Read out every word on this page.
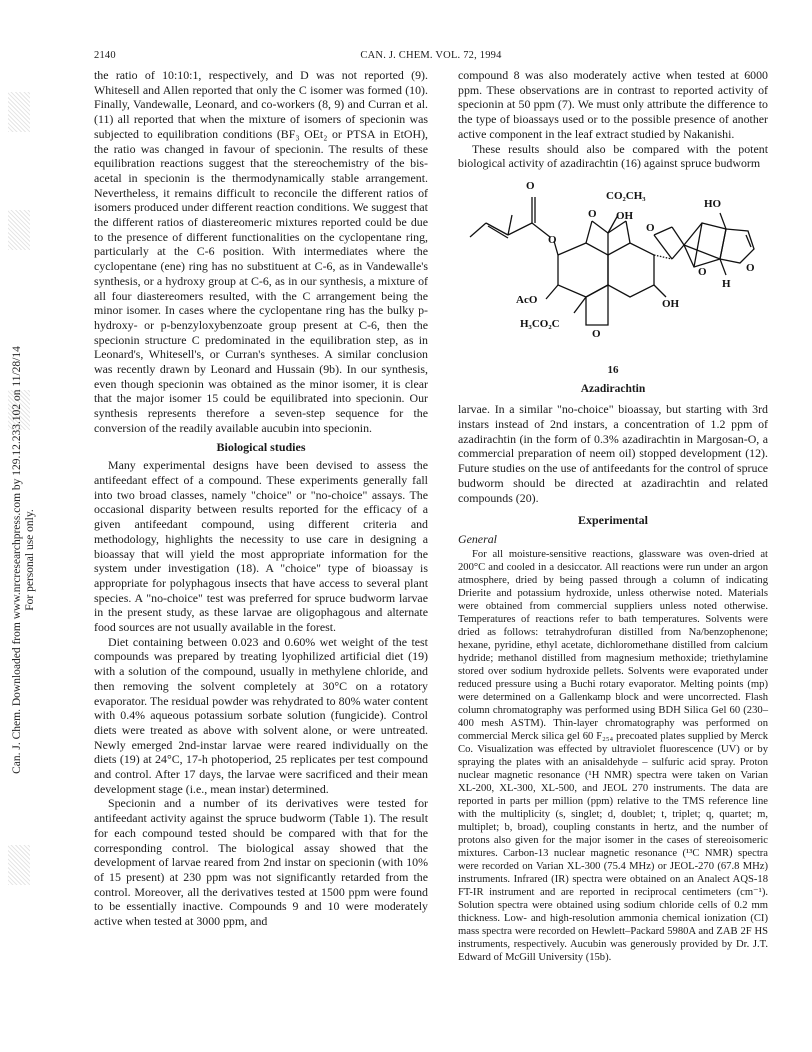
2140	CAN. J. CHEM. VOL. 72, 1994
Can. J. Chem. Downloaded from www.nrcresearchpress.com by 129.12.233.102 on 11/28/14 For personal use only.

the ratio of 10:10:1, respectively, and D was not reported (9). Whitesell and Allen reported that only the C isomer was formed (10). Finally, Vandewalle, Leonard, and co-workers (8, 9) and Curran et al. (11) all reported that when the mixture of isomers of specionin was subjected to equilibration conditions (BF₃ OEt₂ or PTSA in EtOH), the ratio was changed in favour of specionin. The results of these equilibration reactions suggest that the stereochemistry of the bis-acetal in specionin is the thermodynamically stable arrangement. Nevertheless, it remains difficult to reconcile the different ratios of isomers produced under different reaction conditions. We suggest that the different ratios of diastereomeric mixtures reported could be due to the presence of different functionalities on the cyclopentane ring, particularly at the C-6 position. With intermediates where the cyclopentane (ene) ring has no substituent at C-6, as in Vandewalle's synthesis, or a hydroxy group at C-6, as in our synthesis, a mixture of all four diastereomers resulted, with the C arrangement being the minor isomer. In cases where the cyclopentane ring has the bulky p-hydroxy- or p-benzyloxybenzoate group present at C-6, then the specionin structure C predominated in the equilibration step, as in Leonard's, Whitesell's, or Curran's syntheses. A similar conclusion was recently drawn by Leonard and Hussain (9b). In our synthesis, even though specionin was obtained as the minor isomer, it is clear that the major isomer 15 could be equilibrated into specionin. Our synthesis represents therefore a seven-step sequence for the conversion of the readily available aucubin into specionin.

Biological studies

Many experimental designs have been devised to assess the antifeedant effect of a compound. These experiments generally fall into two broad classes, namely "choice" or "no-choice" assays. The occasional disparity between results reported for the efficacy of a given antifeedant compound, using different criteria and methodology, highlights the necessity to use care in designing a bioassay that will yield the most appropriate information for the system under investigation (18). A "choice" type of bioassay is appropriate for polyphagous insects that have access to several plant species. A "no-choice" test was preferred for spruce budworm larvae in the present study, as these larvae are oligophagous and alternate food sources are not usually available in the forest.

Diet containing between 0.023 and 0.60% wet weight of the test compounds was prepared by treating lyophilized artificial diet (19) with a solution of the compound, usually in methylene chloride, and then removing the solvent completely at 30°C on a rotatory evaporator. The residual powder was rehydrated to 80% water content with 0.4% aqueous potassium sorbate solution (fungicide). Control diets were treated as above with solvent alone, or were untreated. Newly emerged 2nd-instar larvae were reared individually on the diets (19) at 24°C, 17-h photoperiod, 25 replicates per test compound and control. After 17 days, the larvae were sacrificed and their mean development stage (i.e., mean instar) determined.

Specionin and a number of its derivatives were tested for antifeedant activity against the spruce budworm (Table 1). The result for each compound tested should be compared with that for the corresponding control. The biological assay showed that the development of larvae reared from 2nd instar on specionin (with 10% of 15 present) at 230 ppm was not significantly retarded from the control. Moreover, all the derivatives tested at 1500 ppm were found to be essentially inactive. Compounds 9 and 10 were moderately active when tested at 3000 ppm, and

compound 8 was also moderately active when tested at 6000 ppm. These observations are in contrast to reported activity of specionin at 50 ppm (7). We must only attribute the difference to the type of bioassays used or to the possible presence of another active component in the leaf extract studied by Nakanishi.

These results should also be compared with the potent biological activity of azadirachtin (16) against spruce budworm

O
CO₂CH₃
O OH
HO
O
O
O
H
AcO	OH
H₃CO₂C
O
O
16
Azadirachtin

larvae. In a similar "no-choice" bioassay, but starting with 3rd instars instead of 2nd instars, a concentration of 1.2 ppm of azadirachtin (in the form of 0.3% azadirachtin in Margosan-O, a commercial preparation of neem oil) stopped development (12). Future studies on the use of antifeedants for the control of spruce budworm should be directed at azadirachtin and related compounds (20).

Experimental
General

For all moisture-sensitive reactions, glassware was oven-dried at 200°C and cooled in a desiccator. All reactions were run under an argon atmosphere, dried by being passed through a column of indicating Drierite and potassium hydroxide, unless otherwise noted. Materials were obtained from commercial suppliers unless noted otherwise. Temperatures of reactions refer to bath temperatures. Solvents were dried as follows: tetrahydrofuran distilled from Na/benzophenone; hexane, pyridine, ethyl acetate, dichloromethane distilled from calcium hydride; methanol distilled from magnesium methoxide; triethylamine stored over sodium hydroxide pellets. Solvents were evaporated under reduced pressure using a Buchi rotary evaporator. Melting points (mp) were determined on a Gallenkamp block and were uncorrected. Flash column chromatography was performed using BDH Silica Gel 60 (230–400 mesh ASTM). Thin-layer chromatography was performed on commercial Merck silica gel 60 F₂₅₄ precoated plates supplied by Merck Co. Visualization was effected by ultraviolet fluorescence (UV) or by spraying the plates with an anisaldehyde – sulfuric acid spray. Proton nuclear magnetic resonance (¹H NMR) spectra were taken on Varian XL-200, XL-300, XL-500, and JEOL 270 instruments. The data are reported in parts per million (ppm) relative to the TMS reference line with the multiplicity (s, singlet; d, doublet; t, triplet; q, quartet; m, multiplet; b, broad), coupling constants in hertz, and the number of protons also given for the major isomer in the cases of stereoisomeric mixtures. Carbon-13 nuclear magnetic resonance (¹³C NMR) spectra were recorded on Varian XL-300 (75.4 MHz) or JEOL-270 (67.8 MHz) instruments. Infrared (IR) spectra were obtained on an Analect AQS-18 FT-IR instrument and are reported in reciprocal centimeters (cm⁻¹). Solution spectra were obtained using sodium chloride cells of 0.2 mm thickness. Low- and high-resolution ammonia chemical ionization (CI) mass spectra were recorded on Hewlett–Packard 5980A and ZAB 2F HS instruments, respectively. Aucubin was generously provided by Dr. J.T. Edward of McGill University (15b).
